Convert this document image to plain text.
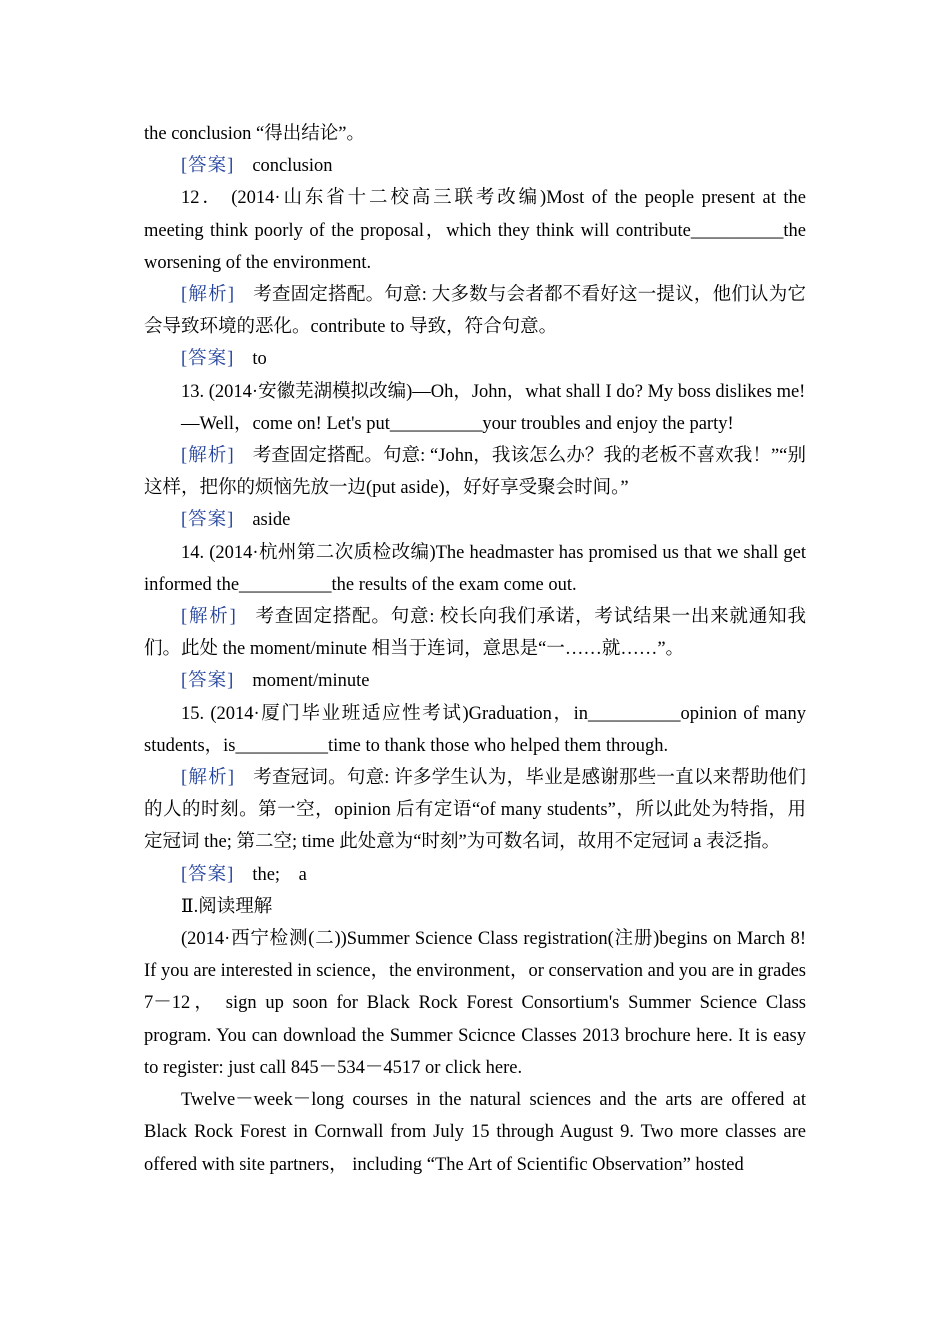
the conclusion “得出结论”。

[答案] conclusion

12． (2014·山东省十二校高三联考改编)Most of the people present at the meeting think poorly of the proposal，which they think will contribute__________the worsening of the environment.

[解析] 考查固定搭配。句意: 大多数与会者都不看好这一提议，他们认为它会导致环境的恶化。contribute to 导致，符合句意。

[答案] to

13. (2014·安徽芜湖模拟改编)—Oh，John，what shall I do? My boss dislikes me!

—Well，come on! Let's put__________your troubles and enjoy the party!

[解析] 考查固定搭配。句意: “John，我该怎么办？我的老板不喜欢我！”“别这样，把你的烦恼先放一边(put aside)，好好享受聚会时间。”

[答案] aside

14. (2014·杭州第二次质检改编)The headmaster has promised us that we shall get informed the__________the results of the exam come out.

[解析] 考查固定搭配。句意: 校长向我们承诺，考试结果一出来就通知我们。此处 the moment/minute 相当于连词，意思是“一……就……”。

[答案] moment/minute

15. (2014·厦门毕业班适应性考试)Graduation，in__________opinion of many students，is__________time to thank those who helped them through.

[解析] 考查冠词。句意: 许多学生认为，毕业是感谢那些一直以来帮助他们的人的时刻。第一空，opinion 后有定语“of many students”，所以此处为特指，用定冠词 the; 第二空; time 此处意为“时刻”为可数名词，故用不定冠词 a 表泛指。

[答案] the;　a

Ⅱ.阅读理解

(2014·西宁检测(二))Summer Science Class registration(注册)begins on March 8! If you are interested in science，the environment，or conservation and you are in grades 7－12， sign up soon for Black Rock Forest Consortium's Summer Science Class program. You can download the Summer Scicnce Classes 2013 brochure here. It is easy to register: just call 845－534－4517 or click here.

Twelve－week－long courses in the natural sciences and the arts are offered at Black Rock Forest in Cornwall from July 15 through August 9. Two more classes are offered with site partners， including “The Art of Scientific Observation” hosted
